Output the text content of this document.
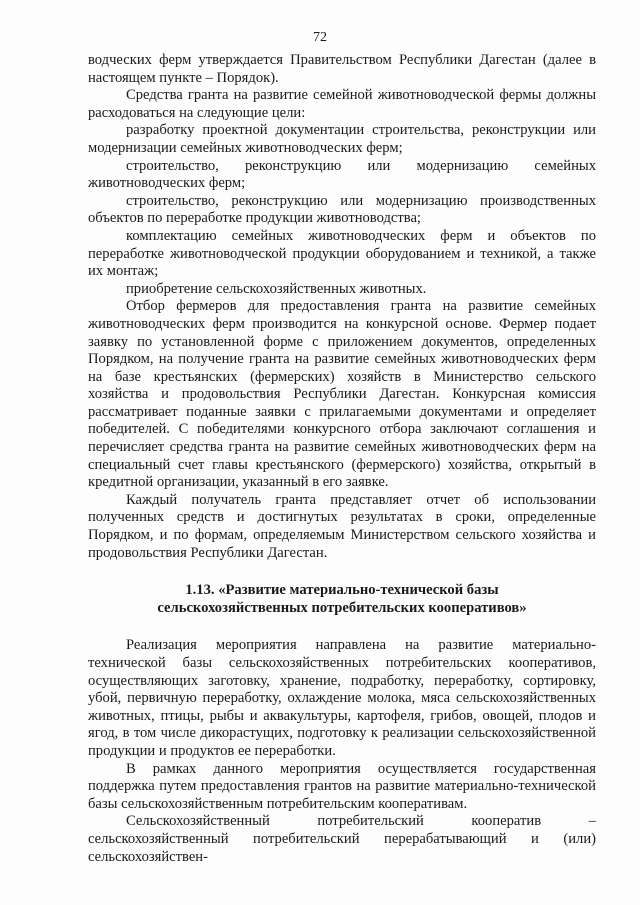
72

водческих ферм утверждается Правительством Республики Дагестан (далее в настоящем пункте – Порядок).

Средства гранта на развитие семейной животноводческой фермы должны расходоваться на следующие цели:

разработку проектной документации строительства, реконструкции или модернизации семейных животноводческих ферм;

строительство, реконструкцию или модернизацию семейных животноводческих ферм;

строительство, реконструкцию или модернизацию производственных объектов по переработке продукции животноводства;

комплектацию семейных животноводческих ферм и объектов по переработке животноводческой продукции оборудованием и техникой, а также их монтаж;

приобретение сельскохозяйственных животных.

Отбор фермеров для предоставления гранта на развитие семейных животноводческих ферм производится на конкурсной основе. Фермер подает заявку по установленной форме с приложением документов, определенных Порядком, на получение гранта на развитие семейных животноводческих ферм на базе крестьянских (фермерских) хозяйств в Министерство сельского хозяйства и продовольствия Республики Дагестан. Конкурсная комиссия рассматривает поданные заявки с прилагаемыми документами и определяет победителей. С победителями конкурсного отбора заключают соглашения и перечисляет средства гранта на развитие семейных животноводческих ферм на специальный счет главы крестьянского (фермерского) хозяйства, открытый в кредитной организации, указанный в его заявке.

Каждый получатель гранта представляет отчет об использовании полученных средств и достигнутых результатах в сроки, определенные Порядком, и по формам, определяемым Министерством сельского хозяйства и продовольствия Республики Дагестан.

1.13. «Развитие материально-технической базы
сельскохозяйственных потребительских кооперативов»

Реализация мероприятия направлена на развитие материально-технической базы сельскохозяйственных потребительских кооперативов, осуществляющих заготовку, хранение, подработку, переработку, сортировку, убой, первичную переработку, охлаждение молока, мяса сельскохозяйственных животных, птицы, рыбы и аквакультуры, картофеля, грибов, овощей, плодов и ягод, в том числе дикорастущих, подготовку к реализации сельскохозяйственной продукции и продуктов ее переработки.

В рамках данного мероприятия осуществляется государственная поддержка путем предоставления грантов на развитие материально-технической базы сельскохозяйственным потребительским кооперативам.

Сельскохозяйственный потребительский кооператив – сельскохозяйственный потребительский перерабатывающий и (или) сельскохозяйствен-
